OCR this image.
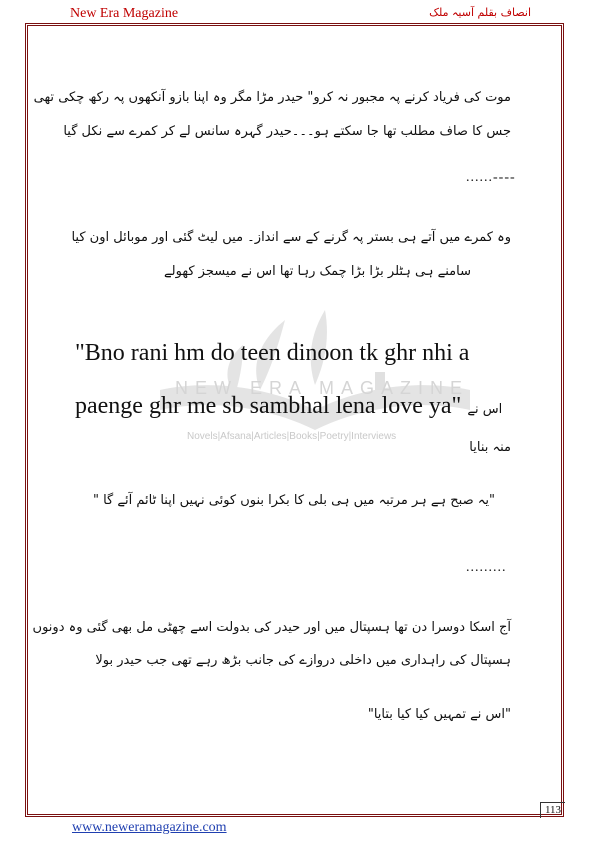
New Era Magazine	انصاف بقلم آسیہ ملک
NEW ERA MAGAZINE
Novels|Afsana|Articles|Books|Poetry|Interviews
موت کی فریاد کرنے پہ مجبور نہ کرو" حیدر مڑا مگر وہ اپنا بازو آنکھوں پہ رکھ چکی تھی
جس کا صاف مطلب تھا جا سکتے ہو۔۔۔حیدر گہرہ سانس لے کر کمرے سے نکل گیا
......----
وہ کمرے میں آتے ہی بستر پہ گرنے کے سے انداز۔ میں لیٹ گئی اور موبائل اون کیا
سامنے ہی ہٹلر بڑا بڑا چمک رہا تھا اس نے میسجز کھولے
"Bno rani hm do teen dinoon tk ghr nhi a
paenge ghr me sb sambhal lena love ya" اس نے
منہ بنایا
"یہ صبح ہے ہر مرتبہ میں ہی بلی کا بکرا بنوں کوئی نہیں اپنا ٹائم آئے گا "
.........
آج اسکا دوسرا دن تھا ہسپتال میں اور حیدر کی بدولت اسے چھٹی مل بھی گئی وہ دونوں
ہسپتال کی راہداری میں داخلی دروازے کی جانب بڑھ رہے تھی جب حیدر بولا
"اس نے تمہیں کیا کیا بتایا"
113
www.neweramagazine.com
